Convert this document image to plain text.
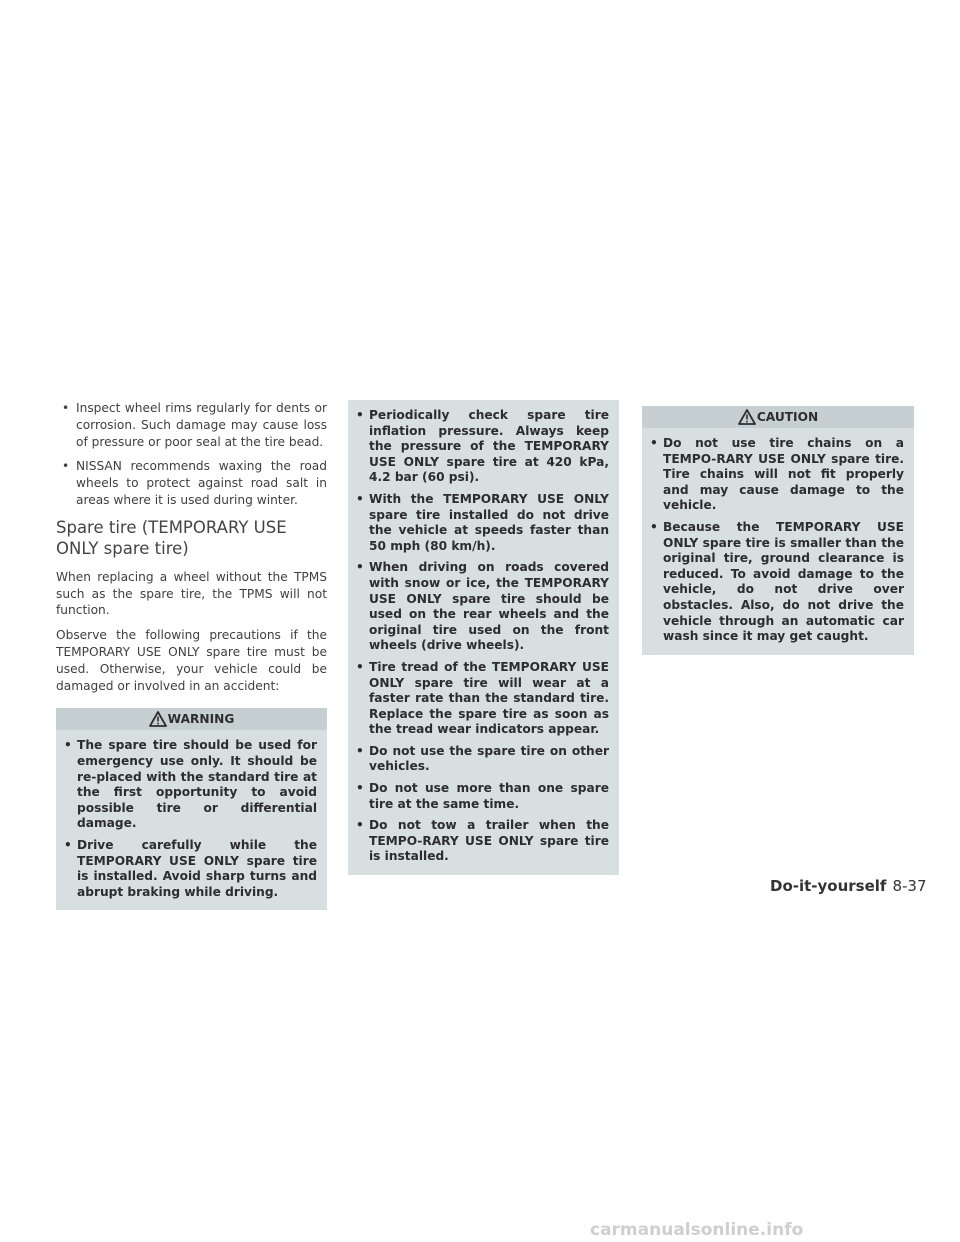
• Inspect wheel rims regularly for dents or corrosion. Such damage may cause loss of pressure or poor seal at the tire bead.
• NISSAN recommends waxing the road wheels to protect against road salt in areas where it is used during winter.
Spare tire (TEMPORARY USE ONLY spare tire)

When replacing a wheel without the TPMS such as the spare tire, the TPMS will not function.

Observe the following precautions if the TEMPORARY USE ONLY spare tire must be used. Otherwise, your vehicle could be damaged or involved in an accident:

WARNING
• The spare tire should be used for emergency use only. It should be re-placed with the standard tire at the first opportunity to avoid possible tire or differential damage.
• Drive carefully while the TEMPORARY USE ONLY spare tire is installed. Avoid sharp turns and abrupt braking while driving.
• Periodically check spare tire inflation pressure. Always keep the pressure of the TEMPORARY USE ONLY spare tire at 420 kPa, 4.2 bar (60 psi).
• With the TEMPORARY USE ONLY spare tire installed do not drive the vehicle at speeds faster than 50 mph (80 km/h).
• When driving on roads covered with snow or ice, the TEMPORARY USE ONLY spare tire should be used on the rear wheels and the original tire used on the front wheels (drive wheels).
• Tire tread of the TEMPORARY USE ONLY spare tire will wear at a faster rate than the standard tire. Replace the spare tire as soon as the tread wear indicators appear.
• Do not use the spare tire on other vehicles.
• Do not use more than one spare tire at the same time.
• Do not tow a trailer when the TEMPO-RARY USE ONLY spare tire is installed.
CAUTION
• Do not use tire chains on a TEMPO-RARY USE ONLY spare tire. Tire chains will not fit properly and may cause damage to the vehicle.
• Because the TEMPORARY USE ONLY spare tire is smaller than the original tire, ground clearance is reduced. To avoid damage to the vehicle, do not drive over obstacles. Also, do not drive the vehicle through an automatic car wash since it may get caught.
Do-it-yourself 8-37
carmanualsonline.info
